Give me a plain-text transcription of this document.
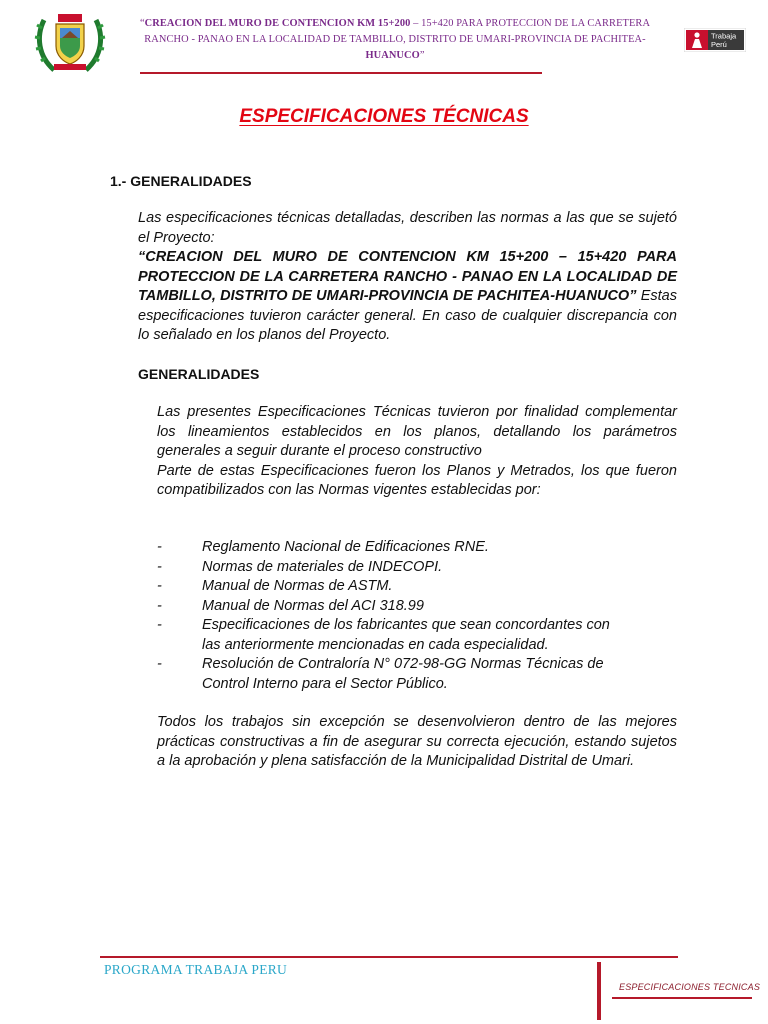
“CREACION DEL MURO DE CONTENCION KM 15+200 – 15+420 PARA PROTECCION DE LA CARRETERA RANCHO - PANAO EN LA LOCALIDAD DE TAMBILLO, DISTRITO DE UMARI-PROVINCIA DE PACHITEA-HUANUCO”
Trabaja
Perú
ESPECIFICACIONES TÉCNICAS
1.- GENERALIDADES
Las especificaciones técnicas detalladas, describen las normas a las que se sujetó el Proyecto:
“CREACION DEL MURO DE CONTENCION KM 15+200 – 15+420 PARA PROTECCION DE LA CARRETERA RANCHO - PANAO EN LA LOCALIDAD DE TAMBILLO, DISTRITO DE UMARI-PROVINCIA DE PACHITEA-HUANUCO” Estas especificaciones tuvieron carácter general. En caso de cualquier discrepancia con lo señalado en los planos del Proyecto.
GENERALIDADES
Las presentes Especificaciones Técnicas tuvieron por finalidad complementar los lineamientos establecidos en los planos, detallando los parámetros generales a seguir durante el proceso constructivo
Parte de estas Especificaciones fueron los Planos y Metrados, los que fueron compatibilizados con las Normas vigentes establecidas por:
-	Reglamento Nacional de Edificaciones RNE.
-	Normas de materiales de INDECOPI.
-	Manual de Normas de ASTM.
-	Manual de Normas del ACI 318.99
-	Especificaciones de los fabricantes que sean concordantes con las anteriormente mencionadas en cada especialidad.
-	Resolución de Contraloría N° 072-98-GG Normas Técnicas de Control Interno para el Sector Público.
Todos los trabajos sin excepción se desenvolvieron dentro de las mejores prácticas constructivas a fin de asegurar su correcta ejecución, estando sujetos a la aprobación y plena satisfacción de la Municipalidad Distrital de Umari.
PROGRAMA TRABAJA PERU
ESPECIFICACIONES TECNICAS
